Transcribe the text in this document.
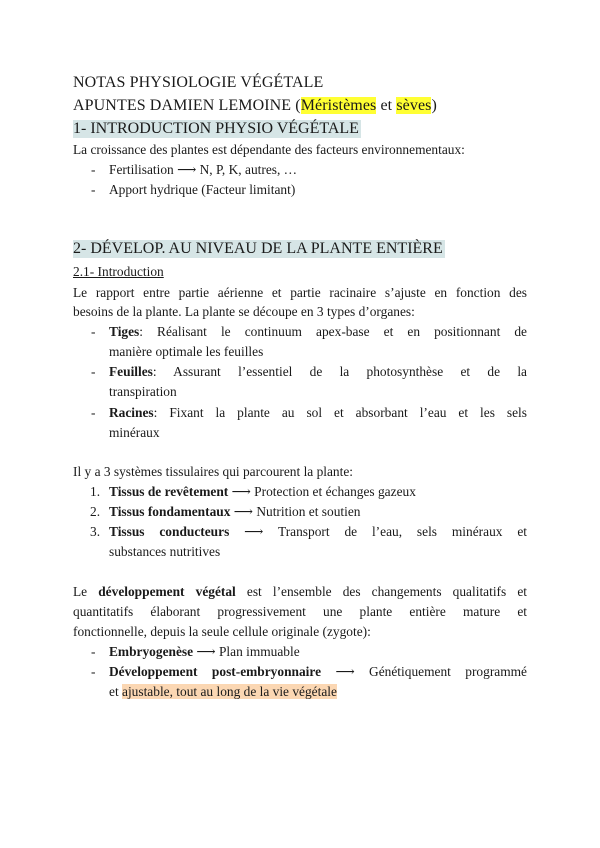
NOTAS PHYSIOLOGIE VÉGÉTALE
APUNTES DAMIEN LEMOINE (Méristèmes et sèves)
1- INTRODUCTION PHYSIO VÉGÉTALE
La croissance des plantes est dépendante des facteurs environnementaux:
- Fertilisation ⟶ N, P, K, autres, …
- Apport hydrique (Facteur limitant)
2- DÉVELOP. AU NIVEAU DE LA PLANTE ENTIÈRE
2.1- Introduction
Le rapport entre partie aérienne et partie racinaire s’ajuste en fonction des
besoins de la plante. La plante se découpe en 3 types d’organes:
- Tiges: Réalisant le continuum apex-base et en positionnant de
manière optimale les feuilles
- Feuilles: Assurant l’essentiel de la photosynthèse et de la
transpiration
- Racines: Fixant la plante au sol et absorbant l’eau et les sels
minéraux
Il y a 3 systèmes tissulaires qui parcourent la plante:
1. Tissus de revêtement ⟶ Protection et échanges gazeux
2. Tissus fondamentaux ⟶ Nutrition et soutien
3. Tissus conducteurs ⟶ Transport de l’eau, sels minéraux et
substances nutritives
Le développement végétal est l’ensemble des changements qualitatifs et
quantitatifs élaborant progressivement une plante entière mature et
fonctionnelle, depuis la seule cellule originale (zygote):
- Embryogenèse ⟶ Plan immuable
- Développement post-embryonnaire ⟶ Génétiquement programmé
et ajustable, tout au long de la vie végétale
